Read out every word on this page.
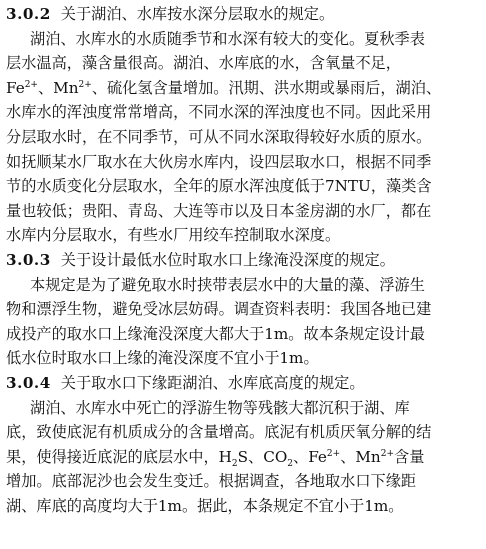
3.0.2 关于湖泊、水库按水深分层取水的规定。
湖泊、水库水的水质随季节和水深有较大的变化。夏秋季表
层水温高，藻含量很高。湖泊、水库底的水，含氧量不足，
$Fe^{2+}$、$Mn^{2+}$、硫化氢含量增加。汛期、洪水期或暴雨后，湖泊、
水库水的浑浊度常常增高，不同水深的浑浊度也不同。因此采用
分层取水时，在不同季节，可从不同水深取得较好水质的原水。
如抚顺某水厂取水在大伙房水库内，设四层取水口，根据不同季
节的水质变化分层取水，全年的原水浑浊度低于7NTU，藻类含
量也较低；贵阳、青岛、大连等市以及日本釜房湖的水厂，都在
水库内分层取水，有些水厂用绞车控制取水深度。
3.0.3 关于设计最低水位时取水口上缘淹没深度的规定。
本规定是为了避免取水时挟带表层水中的大量的藻、浮游生
物和漂浮生物，避免受冰层妨碍。调查资料表明：我国各地已建
成投产的取水口上缘淹没深度大都大于1m。故本条规定设计最
低水位时取水口上缘的淹没深度不宜小于1m。
3.0.4 关于取水口下缘距湖泊、水库底高度的规定。
湖泊、水库水中死亡的浮游生物等残骸大都沉积于湖、库
底，致使底泥有机质成分的含量增高。底泥有机质厌氧分解的结
果，使得接近底泥的底层水中，$H_2S$、$CO_2$、$Fe^{2+}$、$Mn^{2+}$含量
增加。底部泥沙也会发生变迁。根据调查，各地取水口下缘距
湖、库底的高度均大于1m。据此，本条规定不宜小于1m。
